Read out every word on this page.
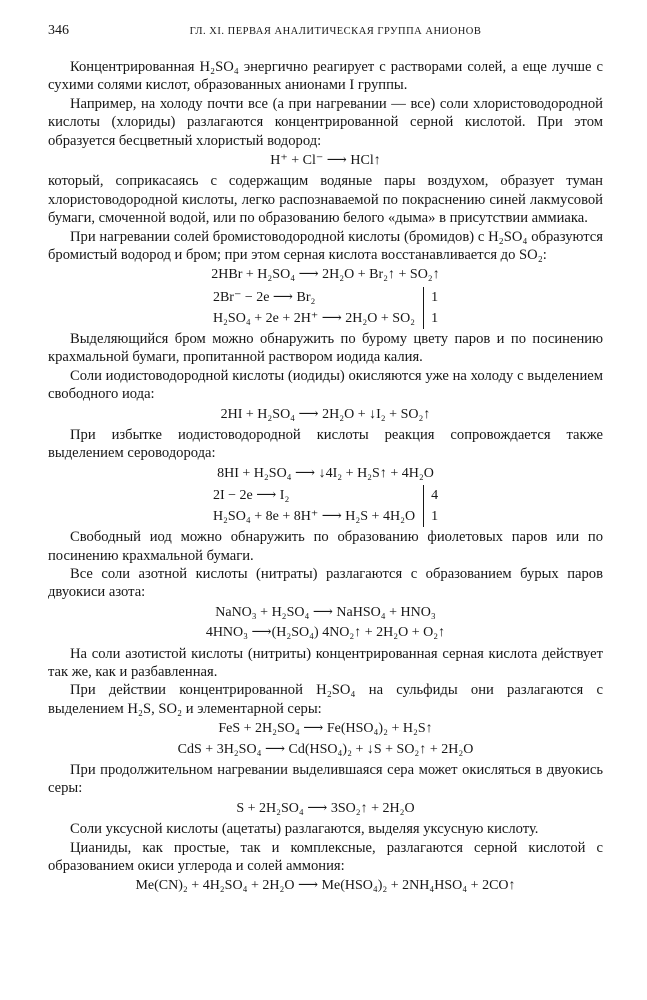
346	ГЛ. XI. ПЕРВАЯ АНАЛИТИЧЕСКАЯ ГРУППА АНИОНОВ

Концентрированная H₂SO₄ энергично реагирует с растворами солей, а еще лучше с сухими солями кислот, образованных анионами I группы.

Например, на холоду почти все (а при нагревании — все) соли хлористоводородной кислоты (хлориды) разлагаются концентрированной серной кислотой. При этом образуется бесцветный хлористый водород:

H⁺ + Cl⁻ ⟶ HCl↑

который, соприкасаясь с содержащим водяные пары воздухом, образует туман хлористоводородной кислоты, легко распознаваемой по покраснению синей лакмусовой бумаги, смоченной водой, или по образованию белого «дыма» в присутствии аммиака.

При нагревании солей бромистоводородной кислоты (бромидов) с H₂SO₄ образуются бромистый водород и бром; при этом серная кислота восстанавливается до SO₂:

2HBr + H₂SO₄ ⟶ 2H₂O + Br₂↑ + SO₂↑
2Br⁻ − 2e ⟶ Br₂
H₂SO₄ + 2e + 2H⁺ ⟶ 2H₂O + SO₂
1
1

Выделяющийся бром можно обнаружить по бурому цвету паров и по посинению крахмальной бумаги, пропитанной раствором иодида калия.

Соли иодистоводородной кислоты (иодиды) окисляются уже на холоду с выделением свободного иода:

2HI + H₂SO₄ ⟶ 2H₂O + ↓I₂ + SO₂↑

При избытке иодистоводородной кислоты реакция сопровождается также выделением сероводорода:

8HI + H₂SO₄ ⟶ ↓4I₂ + H₂S↑ + 4H₂O
2I − 2e ⟶ I₂
H₂SO₄ + 8e + 8H⁺ ⟶ H₂S + 4H₂O
4
1

Свободный иод можно обнаружить по образованию фиолетовых паров или по посинению крахмальной бумаги.

Все соли азотной кислоты (нитраты) разлагаются с образованием бурых паров двуокиси азота:

NaNO₃ + H₂SO₄ ⟶ NaHSO₄ + HNO₃
4HNO₃ ⟶(H₂SO₄) 4NO₂↑ + 2H₂O + O₂↑

На соли азотистой кислоты (нитриты) концентрированная серная кислота действует так же, как и разбавленная.

При действии концентрированной H₂SO₄ на сульфиды они разлагаются с выделением H₂S, SO₂ и элементарной серы:

FeS + 2H₂SO₄ ⟶ Fe(HSO₄)₂ + H₂S↑
CdS + 3H₂SO₄ ⟶ Cd(HSO₄)₂ + ↓S + SO₂↑ + 2H₂O

При продолжительном нагревании выделившаяся сера может окисляться в двуокись серы:

S + 2H₂SO₄ ⟶ 3SO₂↑ + 2H₂O

Соли уксусной кислоты (ацетаты) разлагаются, выделяя уксусную кислоту.

Цианиды, как простые, так и комплексные, разлагаются серной кислотой с образованием окиси углерода и солей аммония:

Me(CN)₂ + 4H₂SO₄ + 2H₂O ⟶ Me(HSO₄)₂ + 2NH₄HSO₄ + 2CO↑
